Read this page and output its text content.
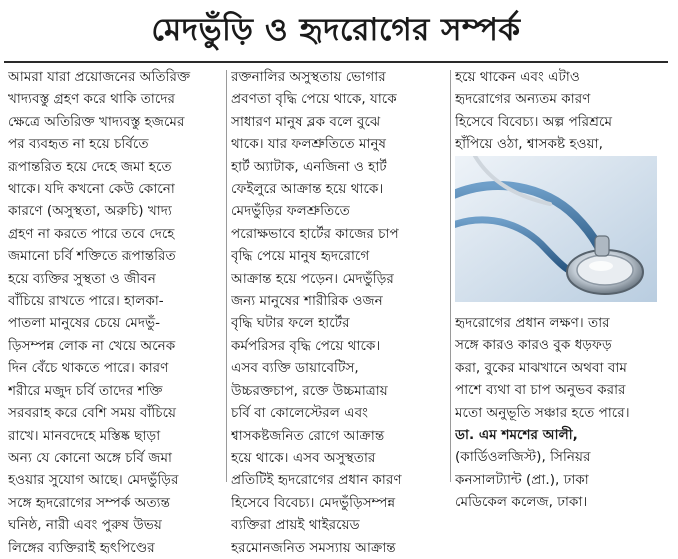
মেদভুঁড়ি ও হৃদরোগের সম্পর্ক
আমরা যারা প্রয়োজনের অতিরিক্ত
খাদ্যবস্তু গ্রহণ করে থাকি তাদের
ক্ষেত্রে অতিরিক্ত খাদ্যবস্তু হজমের
পর ব্যবহৃত না হয়ে চর্বিতে
রূপান্তরিত হয়ে দেহে জমা হতে
থাকে। যদি কখনো কেউ কোনো
কারণে (অসুস্থতা, অরুচি) খাদ্য
গ্রহণ না করতে পারে তবে দেহে
জমানো চর্বি শক্তিতে রূপান্তরিত
হয়ে ব্যক্তির সুস্থতা ও জীবন
বাঁচিয়ে রাখতে পারে। হালকা-
পাতলা মানুষের চেয়ে মেদভুঁ-
ড়িসম্পন্ন লোক না খেয়ে অনেক
দিন বেঁচে থাকতে পারে। কারণ
শরীরে মজুদ চর্বি তাদের শক্তি
সরবরাহ করে বেশি সময় বাঁচিয়ে
রাখে। মানবদেহে মস্তিষ্ক ছাড়া
অন্য যে কোনো অঙ্গে চর্বি জমা
হওয়ার সুযোগ আছে। মেদভুঁড়ির
সঙ্গে হৃদরোগের সম্পর্ক অত্যন্ত
ঘনিষ্ঠ, নারী এবং পুরুষ উভয়
লিঙ্গের ব্যক্তিরাই হৃৎপিণ্ডের
রক্তনালির অসুস্থতায় ভোগার
প্রবণতা বৃদ্ধি পেয়ে থাকে, যাকে
সাধারণ মানুষ ব্লক বলে বুঝে
থাকে। যার ফলশ্রুতিতে মানুষ
হার্ট অ্যাটাক, এনজিনা ও হার্ট
ফেইলুরে আক্রান্ত হয়ে থাকে।
মেদভুঁড়ির ফলশ্রুতিতে
পরোক্ষভাবে হার্টের কাজের চাপ
বৃদ্ধি পেয়ে মানুষ হৃদরোগে
আক্রান্ত হয়ে পড়েন। মেদভুঁড়ির
জন্য মানুষের শারীরিক ওজন
বৃদ্ধি ঘটার ফলে হার্টের
কর্মপরিসর বৃদ্ধি পেয়ে থাকে।
এসব ব্যক্তি ডায়াবেটিস,
উচ্চরক্তচাপ, রক্তে উচ্চমাত্রায়
চর্বি বা কোলেস্টেরল এবং
শ্বাসকষ্টজনিত রোগে আক্রান্ত
হয়ে থাকে। এসব অসুস্থতার
প্রতিটিই হৃদরোগের প্রধান কারণ
হিসেবে বিবেচ্য। মেদভুঁড়িসম্পন্ন
ব্যক্তিরা প্রায়ই থাইরয়েড
হরমোনজনিত সমস্যায় আক্রান্ত
হয়ে থাকেন এবং এটাও
হৃদরোগের অন্যতম কারণ
হিসেবে বিবেচ্য। অল্প পরিশ্রমে
হাঁপিয়ে ওঠা, শ্বাসকষ্ট হওয়া,
হৃদরোগের প্রধান লক্ষণ। তার
সঙ্গে কারও কারও বুক ধড়ফড়
করা, বুকের মাঝখানে অথবা বাম
পাশে ব্যথা বা চাপ অনুভব করার
মতো অনুভূতি সঞ্চার হতে পারে।
ডা. এম শমশের আলী,
(কার্ডিওলজিস্ট), সিনিয়র
কনসালট্যান্ট (প্রা.), ঢাকা
মেডিকেল কলেজ, ঢাকা।
